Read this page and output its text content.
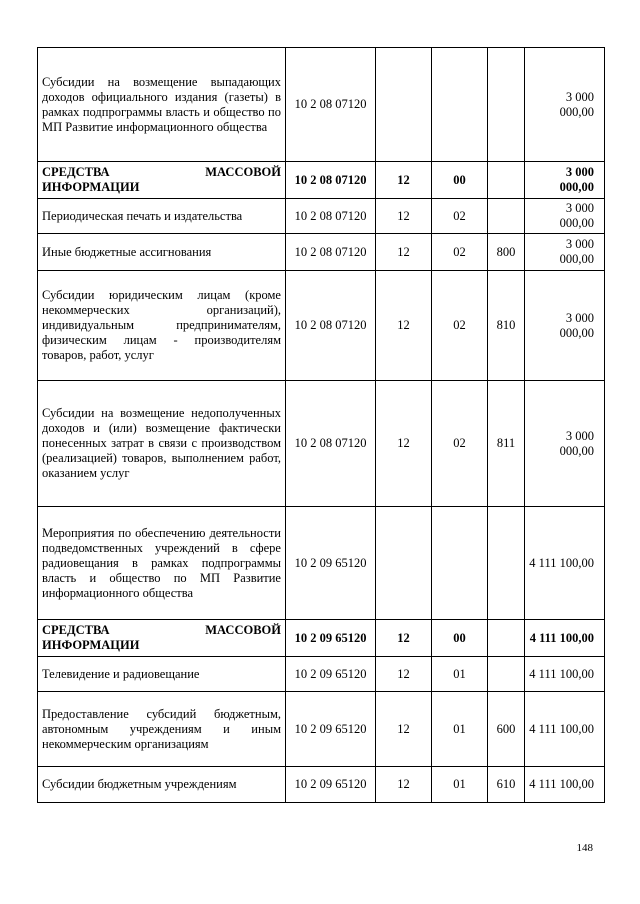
Субсидии на возмещение выпадающих доходов официального издания (газеты) в рамках подпрограммы власть и общество по МП Развитие информационного общества	10 2 08 07120				3 000 000,00
СРЕДСТВА МАССОВОЙ ИНФОРМАЦИИ	10 2 08 07120	12	00		3 000 000,00
Периодическая печать и издательства	10 2 08 07120	12	02		3 000 000,00
Иные бюджетные ассигнования	10 2 08 07120	12	02	800	3 000 000,00
Субсидии юридическим лицам (кроме некоммерческих организаций), индивидуальным предпринимателям, физическим лицам - производителям товаров, работ, услуг	10 2 08 07120	12	02	810	3 000 000,00
Субсидии на возмещение недополученных доходов и (или) возмещение фактически понесенных затрат в связи с производством (реализацией) товаров, выполнением работ, оказанием услуг	10 2 08 07120	12	02	811	3 000 000,00
Мероприятия по обеспечению деятельности подведомственных учреждений в сфере радиовещания в рамках подпрограммы власть и общество по МП Развитие информационного общества	10 2 09 65120				4 111 100,00
СРЕДСТВА МАССОВОЙ ИНФОРМАЦИИ	10 2 09 65120	12	00		4 111 100,00
Телевидение и радиовещание	10 2 09 65120	12	01		4 111 100,00
Предоставление субсидий бюджетным, автономным учреждениям и иным некоммерческим организациям	10 2 09 65120	12	01	600	4 111 100,00
Субсидии бюджетным учреждениям	10 2 09 65120	12	01	610	4 111 100,00
148
